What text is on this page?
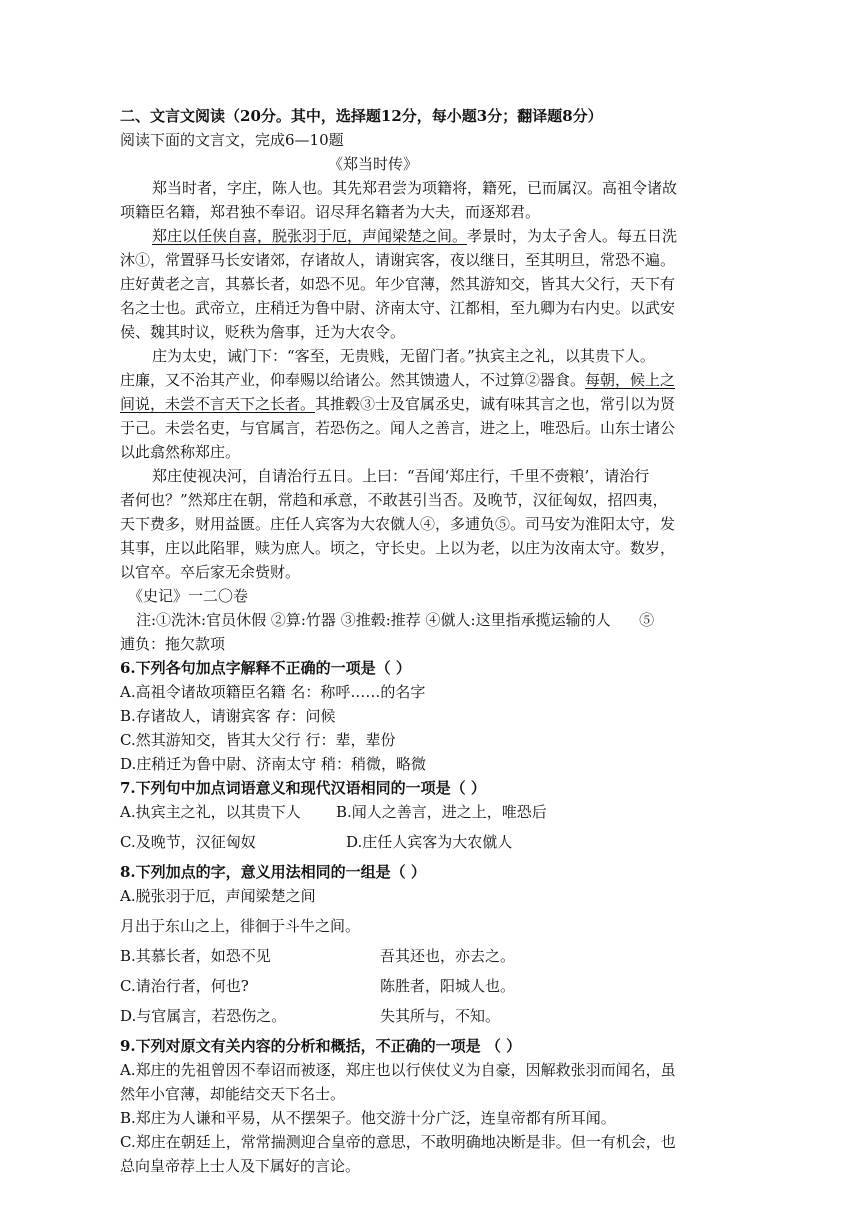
二、文言文阅读（20分。其中，选择题12分，每小题3分；翻译题8分）
阅读下面的文言文，完成6—10题
《郑当时传》
郑当时者，字庄，陈人也。其先郑君尝为项籍将，籍死，已而属汉。高祖令诸故
项籍臣名籍，郑君独不奉诏。诏尽拜名籍者为大夫，而逐郑君。
郑庄以任侠自喜，脱张羽于厄，声闻梁楚之间。孝景时，为太子舍人。每五日洗
沐①，常置驿马长安诸郊，存诸故人，请谢宾客，夜以继日，至其明旦，常恐不遍。
庄好黄老之言，其慕长者，如恐不见。年少官薄，然其游知交，皆其大父行，天下有
名之士也。武帝立，庄稍迁为鲁中尉、济南太守、江都相，至九卿为右内史。以武安
侯、魏其时议，贬秩为詹事，迁为大农令。
庄为太史，诫门下：“客至，无贵贱，无留门者。”执宾主之礼，以其贵下人。
庄廉，又不治其产业，仰奉赐以给诸公。然其馈遗人，不过算②器食。每朝，候上之
间说，未尝不言天下之长者。其推毂③士及官属丞史，诚有味其言之也，常引以为贤
于己。未尝名吏，与官属言，若恐伤之。闻人之善言，进之上，唯恐后。山东士诸公
以此翕然称郑庄。
郑庄使视决河，自请治行五日。上曰：“吾闻‘郑庄行，千里不赍粮’，请治行
者何也？”然郑庄在朝，常趋和承意，不敢甚引当否。及晚节，汉征匈奴，招四夷，
天下费多，财用益匮。庄任人宾客为大农僦人④，多逋负⑤。司马安为淮阳太守，发
其事，庄以此陷罪，赎为庶人。顷之，守长史。上以为老，以庄为汝南太守。数岁，
以官卒。卒后家无余赀财。
《史记》一二〇卷
注:①洗沐:官员休假 ②算:竹器 ③推毂:推荐 ④僦人:这里指承揽运输的人      ⑤
逋负：拖欠款项
6.下列各句加点字解释不正确的一项是（ ）
A.高祖令诸故项籍臣名籍 名：称呼……的名字
B.存诸故人，请谢宾客 存：问候
C.然其游知交，皆其大父行 行：辈，辈份
D.庄稍迁为鲁中尉、济南太守 稍：稍微，略微
7.下列句中加点词语意义和现代汉语相同的一项是（ ）
A.执宾主之礼，以其贵下人	B.闻人之善言，进之上，唯恐后
C.及晚节，汉征匈奴	D.庄任人宾客为大农僦人
8.下列加点的字，意义用法相同的一组是（ ）
A.脱张羽于厄，声闻梁楚之间
月出于东山之上，徘徊于斗牛之间。
B.其慕长者，如恐不见	吾其还也，亦去之。
C.请治行者，何也?	陈胜者，阳城人也。
D.与官属言，若恐伤之。	失其所与，不知。
9.下列对原文有关内容的分析和概括，不正确的一项是 （ ）
A.郑庄的先祖曾因不奉诏而被逐，郑庄也以行侠仗义为自豪，因解救张羽而闻名，虽
然年小官薄，却能结交天下名士。
B.郑庄为人谦和平易，从不摆架子。他交游十分广泛，连皇帝都有所耳闻。
C.郑庄在朝廷上，常常揣测迎合皇帝的意思，不敢明确地决断是非。但一有机会，也
总向皇帝荐上士人及下属好的言论。
